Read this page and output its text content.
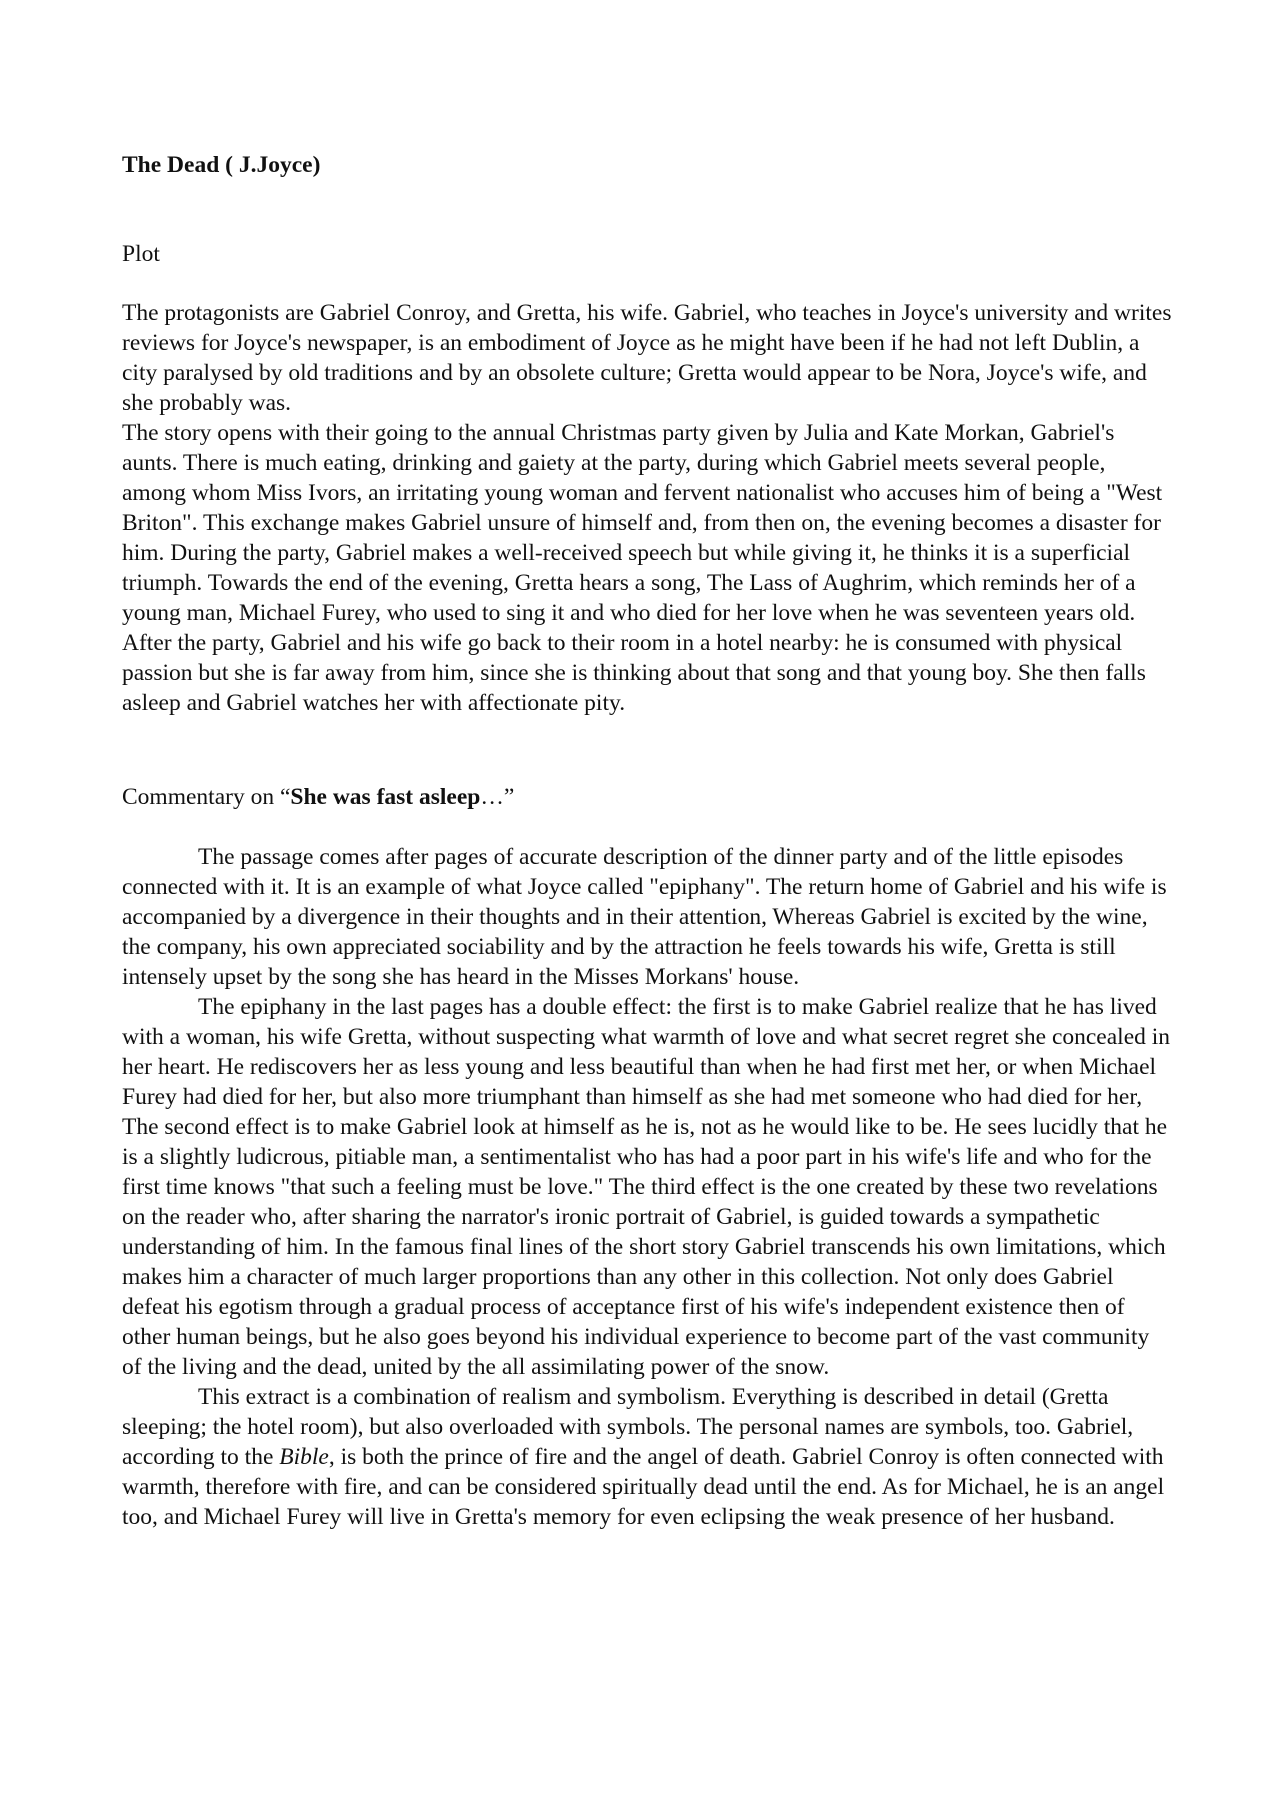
The Dead ( J.Joyce)

Plot

The protagonists are Gabriel Conroy, and Gretta, his wife. Gabriel, who teaches in Joyce's university and writes reviews for Joyce's newspaper, is an embodiment of Joyce as he might have been if he had not left Dublin, a city paralysed by old traditions and by an obsolete culture; Gretta would appear to be Nora, Joyce's wife, and she probably was.

The story opens with their going to the annual Christmas party given by Julia and Kate Morkan, Gabriel's aunts. There is much eating, drinking and gaiety at the party, during which Gabriel meets several people, among whom Miss Ivors, an irritating young woman and fervent nationalist who accuses him of being a "West Briton". This exchange makes Gabriel unsure of himself and, from then on, the evening becomes a disaster for him. During the party, Gabriel makes a well-received speech but while giving it, he thinks it is a superficial triumph. Towards the end of the evening, Gretta hears a song, The Lass of Aughrim, which reminds her of a young man, Michael Furey, who used to sing it and who died for her love when he was seventeen years old. After the party, Gabriel and his wife go back to their room in a hotel nearby: he is consumed with physical passion but she is far away from him, since she is thinking about that song and that young boy. She then falls asleep and Gabriel watches her with affectionate pity.

Commentary on “She was fast asleep…”

The passage comes after pages of accurate description of the dinner party and of the little episodes connected with it. It is an example of what Joyce called "epiphany". The return home of Gabriel and his wife is accompanied by a divergence in their thoughts and in their attention, Whereas Gabriel is excited by the wine, the company, his own appreciated sociability and by the attraction he feels towards his wife, Gretta is still intensely upset by the song she has heard in the Misses Morkans' house.

The epiphany in the last pages has a double effect: the first is to make Gabriel realize that he has lived with a woman, his wife Gretta, without suspecting what warmth of love and what secret regret she concealed in her heart. He rediscovers her as less young and less beautiful than when he had first met her, or when Michael Furey had died for her, but also more triumphant than himself as she had met someone who had died for her, The second effect is to make Gabriel look at himself as he is, not as he would like to be. He sees lucidly that he is a slightly ludicrous, pitiable man, a sentimentalist who has had a poor part in his wife's life and who for the first time knows "that such a feeling must be love." The third effect is the one created by these two revelations on the reader who, after sharing the narrator's ironic portrait of Gabriel, is guided towards a sympathetic understanding of him. In the famous final lines of the short story Gabriel transcends his own limitations, which makes him a character of much larger proportions than any other in this collection. Not only does Gabriel defeat his egotism through a gradual process of acceptance first of his wife's independent existence then of other human beings, but he also goes beyond his individual experience to become part of the vast community of the living and the dead, united by the all assimilating power of the snow.

This extract is a combination of realism and symbolism. Everything is described in detail (Gretta sleeping; the hotel room), but also overloaded with symbols. The personal names are symbols, too. Gabriel, according to the Bible, is both the prince of fire and the angel of death. Gabriel Conroy is often connected with warmth, therefore with fire, and can be considered spiritually dead until the end. As for Michael, he is an angel too, and Michael Furey will live in Gretta's memory for even eclipsing the weak presence of her husband.
